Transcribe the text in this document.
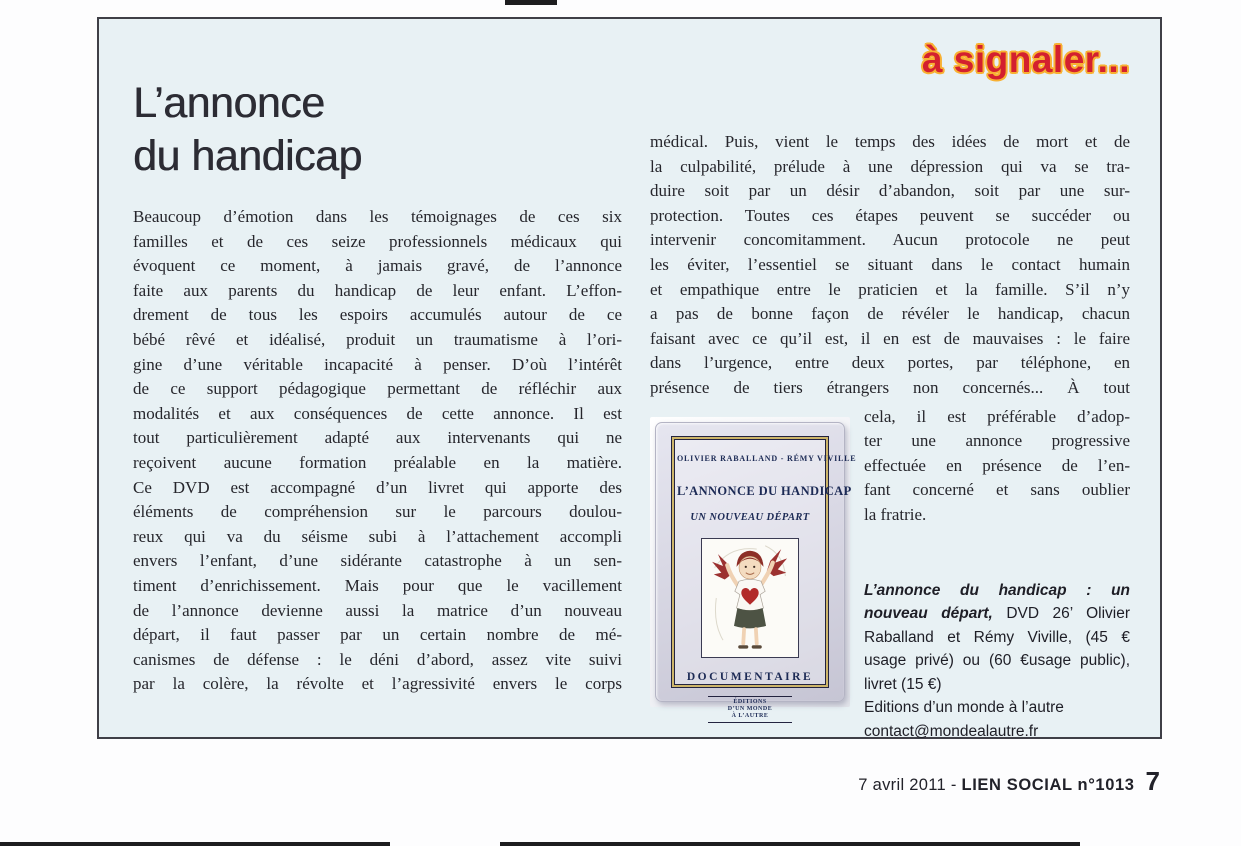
à signaler...
L’annonce
du handicap
Beaucoup d’émotion dans les témoignages de ces six
familles et de ces seize professionnels médicaux qui
évoquent ce moment, à jamais gravé, de l’annonce
faite aux parents du handicap de leur enfant. L’effon-
drement de tous les espoirs accumulés autour de ce
bébé rêvé et idéalisé, produit un traumatisme à l’ori-
gine d’une véritable incapacité à penser. D’où l’intérêt
de ce support pédagogique permettant de réfléchir aux
modalités et aux conséquences de cette annonce. Il est
tout particulièrement adapté aux intervenants qui ne
reçoivent aucune formation préalable en la matière.
Ce DVD est accompagné d’un livret qui apporte des
éléments de compréhension sur le parcours doulou-
reux qui va du séisme subi à l’attachement accompli
envers l’enfant, d’une sidérante catastrophe à un sen-
timent d’enrichissement. Mais pour que le vacillement
de l’annonce devienne aussi la matrice d’un nouveau
départ, il faut passer par un certain nombre de mé-
canismes de défense : le déni d’abord, assez vite suivi
par la colère, la révolte et l’agressivité envers le corps
médical. Puis, vient le temps des idées de mort et de
la culpabilité, prélude à une dépression qui va se tra-
duire soit par un désir d’abandon, soit par une sur-
protection. Toutes ces étapes peuvent se succéder ou
intervenir concomitamment. Aucun protocole ne peut
les éviter, l’essentiel se situant dans le contact humain
et empathique entre le praticien et la famille. S’il n’y
a pas de bonne façon de révéler le handicap, chacun
faisant avec ce qu’il est, il en est de mauvaises : le faire
dans l’urgence, entre deux portes, par téléphone, en
présence de tiers étrangers non concernés... À tout
OLIVIER RABALLAND - RÉMY VIVILLE
L’ANNONCE DU HANDICAP
UN NOUVEAU DÉPART
DOCUMENTAIRE
ÉDITIONS
D’UN MONDE
À L’AUTRE
cela, il est préférable d’adop-
ter une annonce progressive
effectuée en présence de l’en-
fant concerné et sans oublier
la fratrie.

L’annonce du handicap : un nouveau départ, DVD 26’ Olivier Raballand et Rémy Viville, (45 € usage privé) ou (60 €usage public), livret (15 €)

Editions d’un monde à l’autre
contact@mondealautre.fr
7 avril 2011 - LIEN SOCIAL n°1013 7
